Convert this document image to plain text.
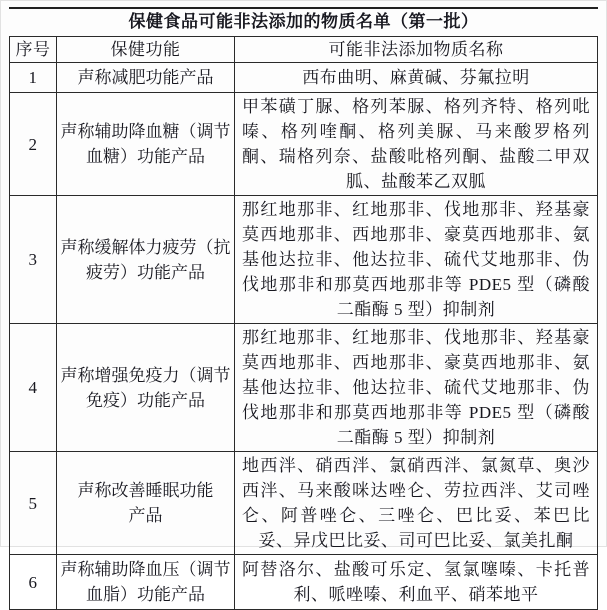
保健食品可能非法添加的物质名单（第一批）
序号	保健功能	可能非法添加物质名称
1	声称减肥功能产品	西布曲明、麻黄碱、芬氟拉明
2	声称辅助降血糖（调节
血糖）功能产品	甲苯磺丁脲、格列苯脲、格列齐特、格列吡嗪、格列喹酮、格列美脲、马来酸罗格列酮、瑞格列奈、盐酸吡格列酮、盐酸二甲双胍、盐酸苯乙双胍
3	声称缓解体力疲劳（抗
疲劳）功能产品	那红地那非、红地那非、伐地那非、羟基豪莫西地那非、西地那非、豪莫西地那非、氨基他达拉非、他达拉非、硫代艾地那非、伪伐地那非和那莫西地那非等 PDE5 型（磷酸二酯酶 5 型）抑制剂
4	声称增强免疫力（调节
免疫）功能产品	那红地那非、红地那非、伐地那非、羟基豪莫西地那非、西地那非、豪莫西地那非、氨基他达拉非、他达拉非、硫代艾地那非、伪伐地那非和那莫西地那非等 PDE5 型（磷酸二酯酶 5 型）抑制剂
5	声称改善睡眠功能
产品	地西泮、硝西泮、氯硝西泮、氯氮草、奥沙西泮、马来酸咪达唑仑、劳拉西泮、艾司唑仑、阿普唑仑、三唑仑、巴比妥、苯巴比妥、异戊巴比妥、司可巴比妥、氯美扎酮
6	声称辅助降血压（调节
血脂）功能产品	阿替洛尔、盐酸可乐定、氢氯噻嗪、卡托普利、哌唑嗪、利血平、硝苯地平
